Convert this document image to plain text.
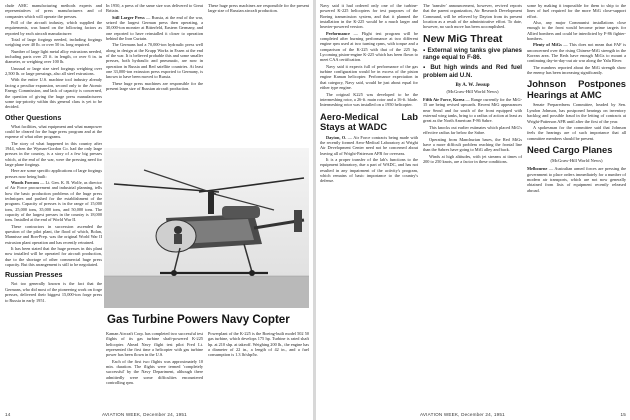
clude AMC manufacturing methods experts and representatives of press manufacturers and of companies which will operate the presses.

Poll of the aircraft industry, which supplied the requirements, was based on the following factors as reported by each aircraft manufacturer:

Total of large forgings needed, including forgings weighing over 40 lb. or over 50 in. long required.

Number of large light metal alloy extrusions needed, including parts over 25 ft. in length, or over 6 in. in diameter, or weighing over 100 lb.

Unusual or large size steel forgings weighing over 2,500 lb. or large pressings, also all steel extrusions.

With the entire U.S. machine tool industry already facing a peculiar expansion, second only to the Atomic Energy Commission, and lack of capacity is concerned, the question of giving the huge press manufacturers some top-priority within this general class is yet to be decided.

Other Questions

What facilities, what equipment and what manpower could be cleared for the huge press program and at the expense of what other programs.

The story of what happened in this country after 1944, when the Wyman-Gordon Co. had the only large presses in the country, is a story of a few big presses which, at the end of the war, were the pressing need for large plane forgings.

Here are some specific applications of large forgings presses now being built:

Woods Forcom — Lt. Gen. K. B. Wolfe, as director of Air Force procurement and industrial planning, tells how the basic production problems of the huge press techniques and pushed for the establishment of the program. Capacity of presses is in the range of 15,000 tons, 25,000 tons, 35,000 tons, and 50,000 tons. The capacity of the largest presses in the country is 18,000 tons. Installed at the end of World War II.

These contractors in succession ascended the question of the pilot plant, the flood of which, Bolan, Mannisse and Bon-Prep. was the original World War II extrusion plant operation and has recently retrained.

It has been stated that the huge presses in this plant now installed will be operated for aircraft production, due to the shortage of other commercial huge press capacity. But this arrangement is still to be negotiated.

Russian Presses

Not too generally known is the fact that the Germans, who did most of the pioneering work on forge presses, delivered their biggest 15,000-ton forge press to Russia in early 1951.

In 1950, a press of the same size was delivered to Great Britain.

Still Larger Press — Russia, at the end of the war, seized the largest German press then operating, a 30,000-ton monster at Bitterfeld, Eastern Germany, and one reported to have reinstalled it closer to operation behind the Iron Curtain.

The Germans had a 70,000-ton hydraulic press well along in design at the Krupp Works in Essen at the end of the war. It is believed probable this and some smaller presses, both hydraulic and pneumatic, are now in operation in Russia and Red satellite countries. At least one 33,000-ton extrusion press exported to Germany, is known to have been moved to Russia.

These huge press machines are responsible for the present large size of Russian aircraft production.

Gas Turbine Powers Navy Copter

Kaman Aircraft Corp. has completed two successful test flights of its gas turbine shaft-powered K-225 helicopter. Ahead Navy flight test pilot Fred Lt. represented the first time a helicopter with gas turbine power has been flown in the U.S.

Each of the first two flights was approximately 10 min. duration. The flights were termed 'completely successful' by the Navy Department, although there admittedly were some difficulties encountered controlling rpm.

These huge press machines are responsible for the present large size of Russian aircraft production.

Powerplant of the K-225 is the Boeing-built model 502 50 gas turbine, which develops 175 hp. Turbine is rated shaft hp. at 210 shp. at takeoff. Weighing 200 lb., the engine has a diameter of 22 in., a length of 42 in., and a fuel consumption is 1.3 lb/shp/hr.

14	AVIATION WEEK, December 24, 1951

Navy said it had ordered only one of the turbine-powered K-225 helicopters for test purposes of the Boeing transmission system, and that it planned the installation in the K-225 would be a much larger and heavier-powered version.

Performance — Flight test program will be completed after burning performance at two different engine rpm used at two turning rpms, with torque and a comparison of the K-225 with that of the 225 hp. Lycoming piston-engine K-225 which has been flown to meet CAA certification.

Navy said it expects full of performance of the gas turbine configuration would be in excess of the piston engine Kaman helicopter. Performance expectation in that category, Navy said, would be just about equal for either type engine.

The original K225 was developed to be the intermeshing rotor, a 26-ft. main rotor and a 16-ft. blade. Intermeshing rotor was installed on a 1950 helicopter.

Aero-Medical Lab Stays at WADC

Dayton, O. — Air Force contracts being made with the recently formed Aero-Medical Laboratory at Wright Air Development Center need not be concerned about leaving all of Wright-Patterson AFB for overseas.

It is a proper transfer of the lab's functions to the equipment laboratory, due a part of WADC, and has not resulted in any impairment of the activity's program, which remains of basic importance to the country's defense.

The 'transfer' announcement, however, revived reports that the parent organization, Air Research Development Command, will be relieved by Dayton from its present location as a result of the administrative effort. To date, however, no such move has been accomplished.

New MiG Threat
▪ External wing tanks give planes range equal to F-86.
▪ But high winds and Red fuel problem aid U.N.
By A. W. Jessup
(McGraw-Hill World News)

Fifth Air Force, Korea — Range currently for the MiG-15 are being revised upwards. Recent MiG appearances near Seoul and far south of the front equipped with external wing tanks, bring to a radius of action at least as great as the North American F-86 Sabre.

This knocks out earlier estimates which placed MiG's effective radius far below the Sabre.

Operating from Manchurian bases, the Red MiGs have a more difficult problem reaching the frontal line than the Sabres have going to MiG alley and back.

Winds at high altitudes, with jet streams at times of 200 to 250 knots, are a factor in these conditions.

some by making it impossible for them to ship to the lines of fuel required for the more MiG close-support effort.

Also, any major Communist installations close enough to the front would become prime targets for Allied bombers and could be interdicted by F-86 fighter-bombers.

Plenty of MiGs — This does not mean that FAF is unconcerned over the rising Chinese-MiG strength in the Korean area. The Reds have enough MiGs to mount a continuing day-in-day-out air war along the Yalu River.

The numbers reported about the MiG strength show the enemy has been increasing significantly.

Johnson Postpones Hearings at AMC

Senate Preparedness Committee, headed by Sen. Lyndon Johnson, has postponed hearings on inventory backlog and possible fraud in the letting of contracts at Wright-Patterson AFB until after the first of the year.

A spokesman for the committee said that Johnson feels the hearings are of such importance that all committee members should be present.

Need Cargo Planes
(McGraw-Hill World News)

Melbourne — Australian armed forces are pressing the government to place orders immediately for a number of modern air transports, which are not now generally obtained from lists of equipment recently released abroad.

AVIATION WEEK, December 24, 1951	15
